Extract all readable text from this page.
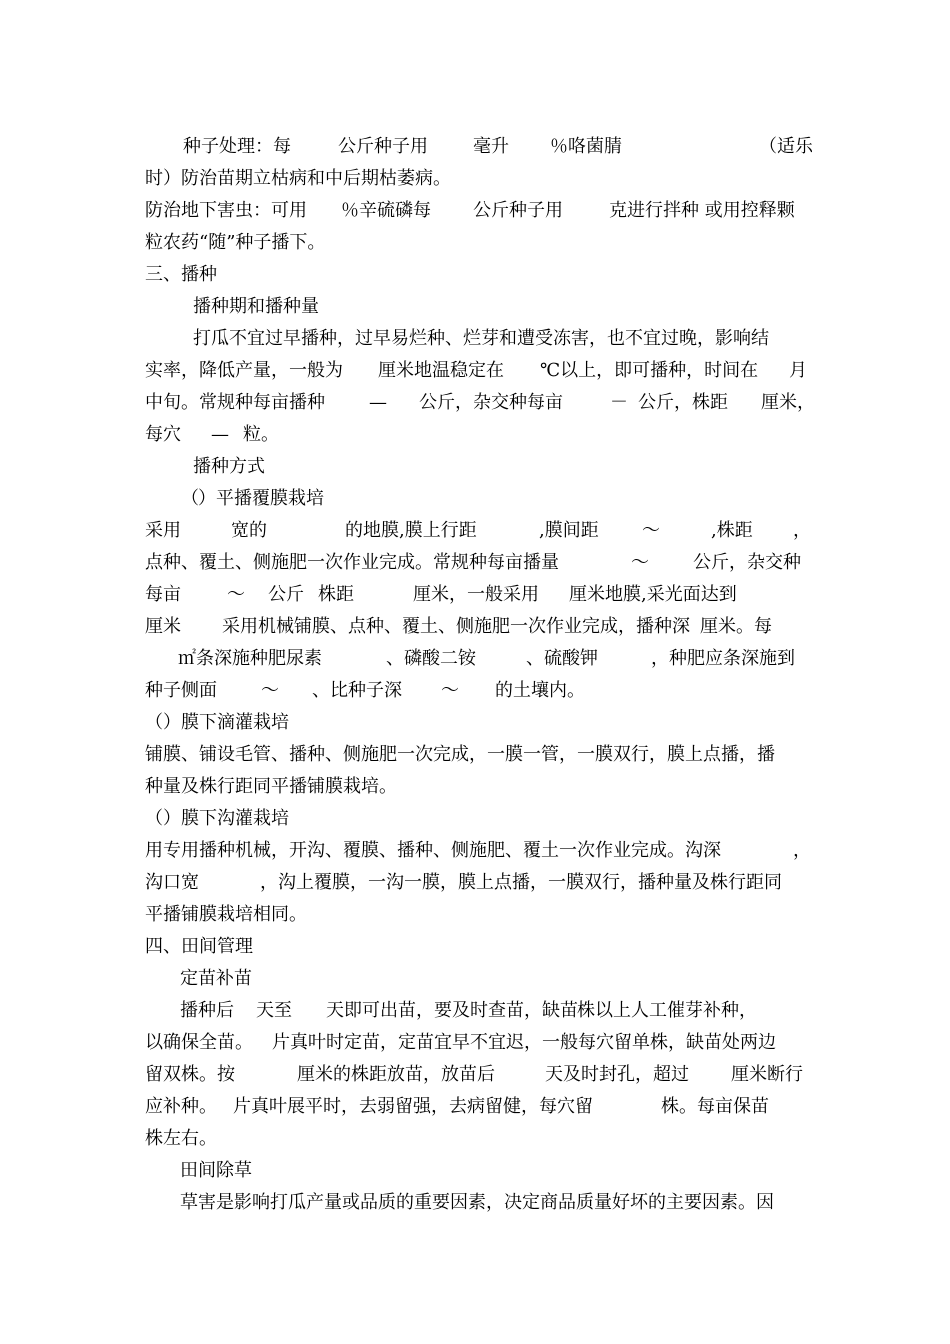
种子处理：每	公斤种子用	毫升 ％咯菌腈	（适乐
时）防治苗期立枯病和中后期枯萎病。
防治地下害虫：可用 ％辛硫磷每 公斤种子用	克进行拌种 或用控释颗
粒农药“随”种子播下。
三、播种
播种期和播种量
打瓜不宜过早播种，过早易烂种、烂芽和遭受冻害，也不宜过晚，影响结
实率，降低产量，一般为 厘米地温稳定在 ℃以上，即可播种，时间在 月
中旬。常规种每亩播种 — 公斤，杂交种每亩	－ 公斤，株距 厘米，
每穴 — 粒。
播种方式
（ ）平播覆膜栽培
采用	宽的	的地膜,膜上行距	,膜间距 ～	,株距 ，
点种、覆土、侧施肥一次作业完成。常规种每亩播量	～ 公斤，杂交种
每亩	～ 公斤 株距	厘米，一般采用 厘米地膜,采光面达到
厘米 采用机械铺膜、点种、覆土、侧施肥一次作业完成，播种深 厘米。每
㎡条深施种肥尿素	、磷酸二铵	、硫酸钾	，种肥应条深施到
种子侧面 ～ 、比种子深 ～ 的土壤内。
（ ）膜下滴灌栽培
铺膜、铺设毛管、播种、侧施肥一次完成，一膜一管，一膜双行，膜上点播，播
种量及株行距同平播铺膜栽培。
（ ）膜下沟灌栽培
用专用播种机械，开沟、覆膜、播种、侧施肥、覆土一次作业完成。沟深	，
沟口宽	，沟上覆膜，一沟一膜，膜上点播，一膜双行，播种量及株行距同
平播铺膜栽培相同。
四、田间管理
定苗补苗
播种后 天至 天即可出苗，要及时查苗，缺苗 株以上人工催芽补种，
以确保全苗。 片真叶时定苗，定苗宜早不宜迟，一般每穴留单株，缺苗处两边
留双株。按	厘米的株距放苗，放苗后	天及时封孔，超过 厘米断行
应补种。 片真叶展平时，去弱留强，去病留健，每穴留	株。每亩保苗
株左右。
田间除草
草害是影响打瓜产量或品质的重要因素，决定商品质量好坏的主要因素。因
